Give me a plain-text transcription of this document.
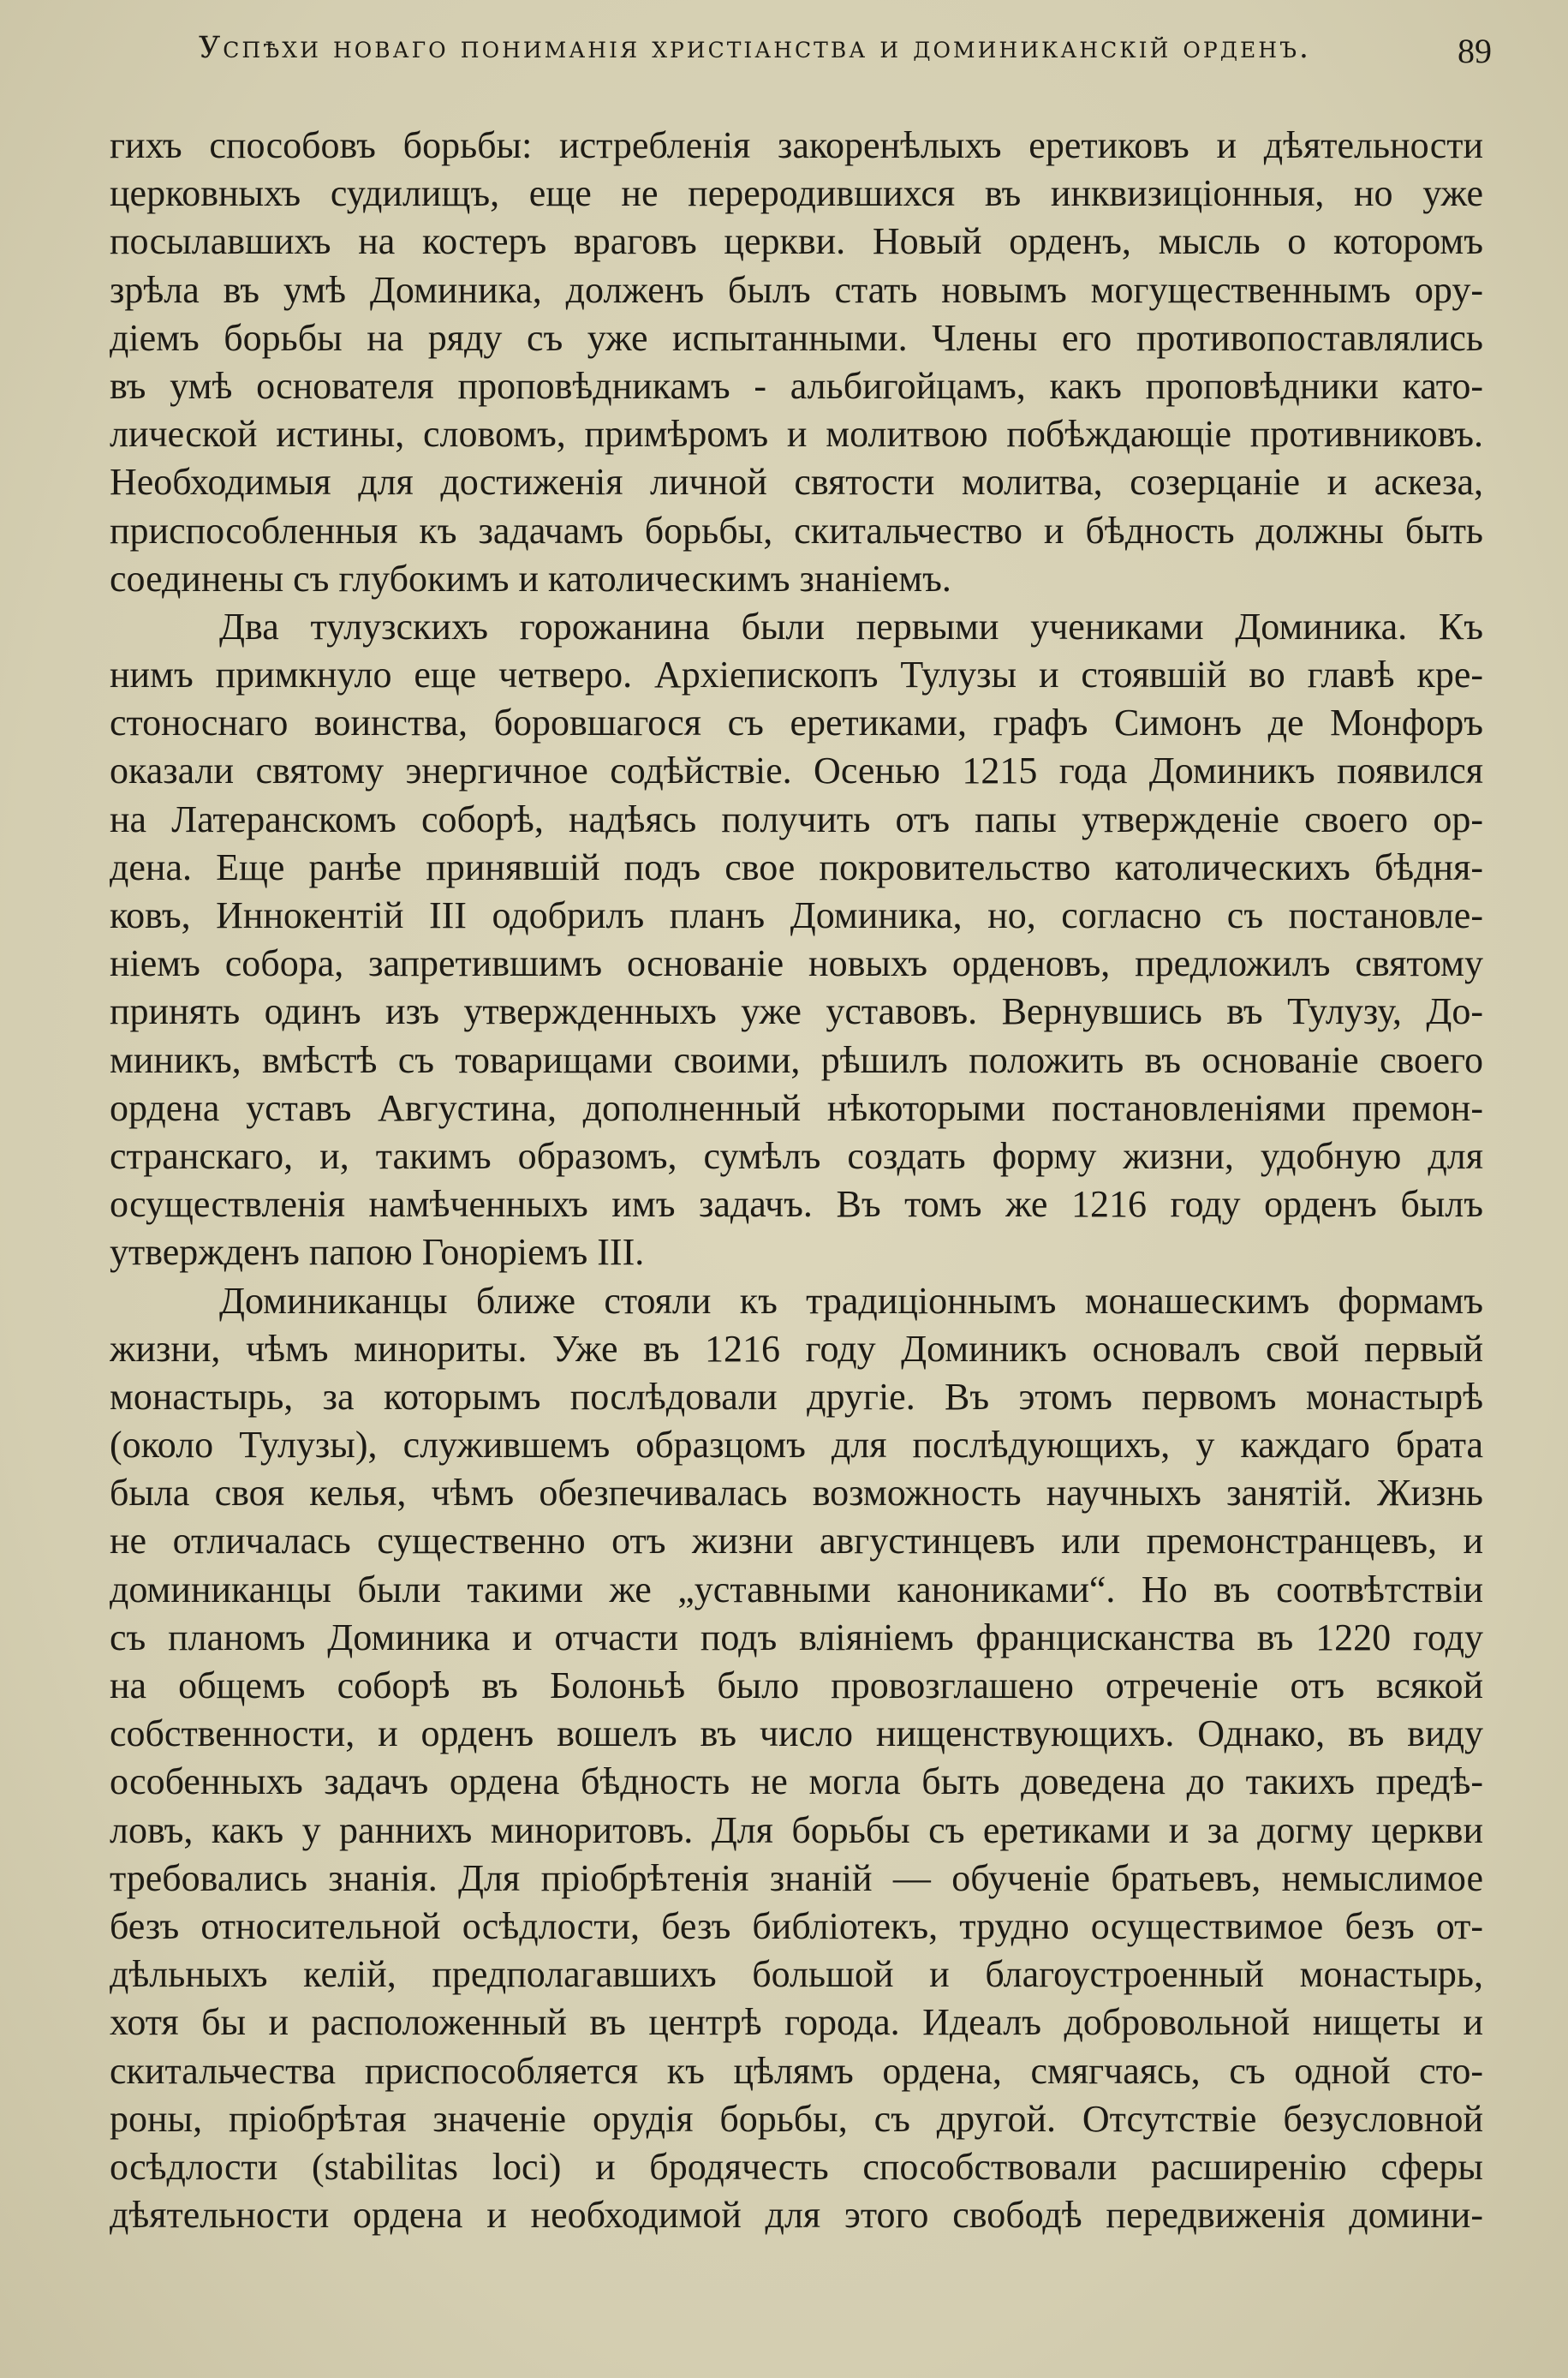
Успѣхи новаго пониманія христіанства и доминиканскій орденъ.	89
гихъ способовъ борьбы: истребленія закоренѣлыхъ еретиковъ и дѣятельности
церковныхъ судилищъ, еще не переродившихся въ инквизиціонныя, но уже
посылавшихъ на костеръ враговъ церкви. Новый орденъ, мысль о которомъ
зрѣла въ умѣ Доминика, долженъ былъ стать новымъ могущественнымъ ору-
діемъ борьбы на ряду съ уже испытанными. Члены его противопоставлялись
въ умѣ основателя проповѣдникамъ - альбигойцамъ, какъ проповѣдники като-
лической истины, словомъ, примѣромъ и молитвою побѣждающіе противниковъ.
Необходимыя для достиженія личной святости молитва, созерцаніе и аскеза,
приспособленныя къ задачамъ борьбы, скитальчество и бѣдность должны быть
соединены съ глубокимъ и католическимъ знаніемъ.
Два тулузскихъ горожанина были первыми учениками Доминика. Къ
нимъ примкнуло еще четверо. Архіепископъ Тулузы и стоявшій во главѣ кре-
стоноснаго воинства, боровшагося съ еретиками, графъ Симонъ де Монфоръ
оказали святому энергичное содѣйствіе. Осенью 1215 года Доминикъ появился
на Латеранскомъ соборѣ, надѣясь получить отъ папы утвержденіе своего ор-
дена. Еще ранѣе принявшій подъ свое покровительство католическихъ бѣдня-
ковъ, Иннокентій III одобрилъ планъ Доминика, но, согласно съ постановле-
ніемъ собора, запретившимъ основаніе новыхъ орденовъ, предложилъ святому
принять одинъ изъ утвержденныхъ уже уставовъ. Вернувшись въ Тулузу, До-
миникъ, вмѣстѣ съ товарищами своими, рѣшилъ положить въ основаніе своего
ордена уставъ Августина, дополненный нѣкоторыми постановленіями премон-
странскаго, и, такимъ образомъ, сумѣлъ создать форму жизни, удобную для
осуществленія намѣченныхъ имъ задачъ. Въ томъ же 1216 году орденъ былъ
утвержденъ папою Гоноріемъ III.
Доминиканцы ближе стояли къ традиціоннымъ монашескимъ формамъ
жизни, чѣмъ минориты. Уже въ 1216 году Доминикъ основалъ свой первый
монастырь, за которымъ послѣдовали другіе. Въ этомъ первомъ монастырѣ
(около Тулузы), служившемъ образцомъ для послѣдующихъ, у каждаго брата
была своя келья, чѣмъ обезпечивалась возможность научныхъ занятій. Жизнь
не отличалась существенно отъ жизни августинцевъ или премонстранцевъ, и
доминиканцы были такими же „уставными канониками“. Но въ соотвѣтствіи
съ планомъ Доминика и отчасти подъ вліяніемъ францисканства въ 1220 году
на общемъ соборѣ въ Болоньѣ было провозглашено отреченіе отъ всякой
собственности, и орденъ вошелъ въ число нищенствующихъ. Однако, въ виду
особенныхъ задачъ ордена бѣдность не могла быть доведена до такихъ предѣ-
ловъ, какъ у раннихъ миноритовъ. Для борьбы съ еретиками и за догму церкви
требовались знанія. Для пріобрѣтенія знаній — обученіе братьевъ, немыслимое
безъ относительной осѣдлости, безъ библіотекъ, трудно осуществимое безъ от-
дѣльныхъ келій, предполагавшихъ большой и благоустроенный монастырь,
хотя бы и расположенный въ центрѣ города. Идеалъ добровольной нищеты и
скитальчества приспособляется къ цѣлямъ ордена, смягчаясь, съ одной сто-
роны, пріобрѣтая значеніе орудія борьбы, съ другой. Отсутствіе безусловной
осѣдлости (stabilitas loci) и бродячесть способствовали расширенію сферы
дѣятельности ордена и необходимой для этого свободѣ передвиженія домини-
